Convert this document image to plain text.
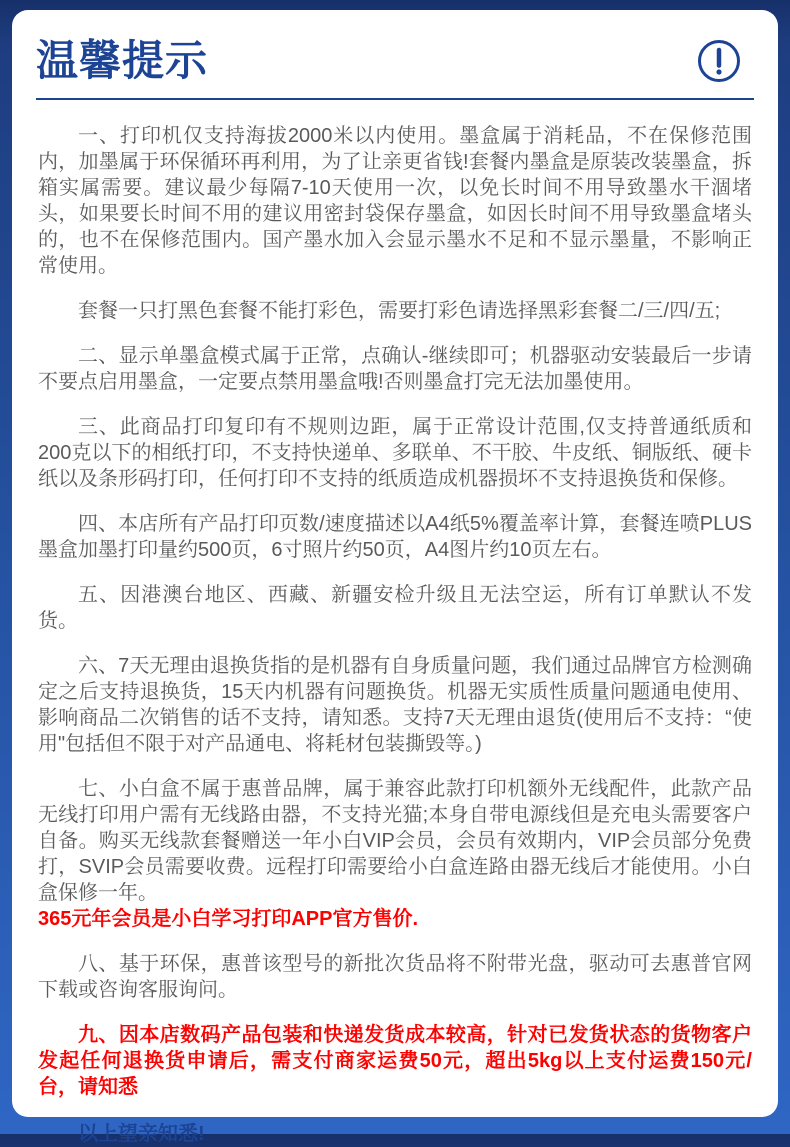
温馨提示

一、打印机仅支持海拔2000米以内使用。墨盒属于消耗品，不在保修范围内，加墨属于环保循环再利用，为了让亲更省钱!套餐内墨盒是原装改装墨盒，拆箱实属需要。建议最少每隔7-10天使用一次，以免长时间不用导致墨水干涸堵头，如果要长时间不用的建议用密封袋保存墨盒，如因长时间不用导致墨盒堵头的，也不在保修范围内。国产墨水加入会显示墨水不足和不显示墨量，不影响正常使用。

套餐一只打黑色套餐不能打彩色，需要打彩色请选择黑彩套餐二/三/四/五;

二、显示单墨盒模式属于正常，点确认-继续即可；机器驱动安装最后一步请不要点启用墨盒，一定要点禁用墨盒哦!否则墨盒打完无法加墨使用。

三、此商品打印复印有不规则边距，属于正常设计范围,仅支持普通纸质和200克以下的相纸打印，不支持快递单、多联单、不干胶、牛皮纸、铜版纸、硬卡纸以及条形码打印，任何打印不支持的纸质造成机器损坏不支持退换货和保修。

四、本店所有产品打印页数/速度描述以A4纸5%覆盖率计算，套餐连喷PLUS墨盒加墨打印量约500页，6寸照片约50页，A4图片约10页左右。

五、因港澳台地区、西藏、新疆安检升级且无法空运，所有订单默认不发货。

六、7天无理由退换货指的是机器有自身质量问题，我们通过品牌官方检测确定之后支持退换货，15天内机器有问题换货。机器无实质性质量问题通电使用、影响商品二次销售的话不支持，请知悉。支持7天无理由退货(使用后不支持：“使用"包括但不限于对产品通电、将耗材包装撕毁等。)

七、小白盒不属于惠普品牌，属于兼容此款打印机额外无线配件，此款产品无线打印用户需有无线路由器，不支持光猫;本身自带电源线但是充电头需要客户自备。购买无线款套餐赠送一年小白VIP会员，会员有效期内，VIP会员部分免费打，SVIP会员需要收费。远程打印需要给小白盒连路由器无线后才能使用。小白盒保修一年。

365元年会员是小白学习打印APP官方售价.

八、基于环保，惠普该型号的新批次货品将不附带光盘，驱动可去惠普官网下载或咨询客服询问。

九、因本店数码产品包装和快递发货成本较高，针对已发货状态的货物客户发起任何退换货申请后，需支付商家运费50元，超出5kg以上支付运费150元/台，请知悉

以上望亲知悉!
